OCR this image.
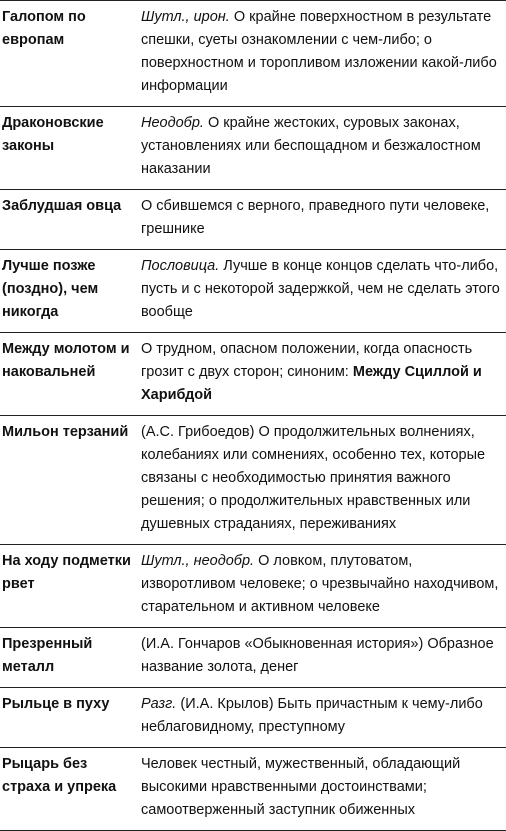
Галопом по европам	Шутл., ирон. О крайне поверхностном в результате спешки, суеты ознакомлении с чем-либо; о поверхностном и торопливом изложении какой-либо информации
Драконовские законы	Неодобр. О крайне жестоких, суровых законах, установлениях или беспощадном и безжалостном наказании
Заблудшая овца	О сбившемся с верного, праведного пути человеке, грешнике
Лучше позже (поздно), чем никогда	Пословица. Лучше в конце концов сделать что-либо, пусть и с некоторой задержкой, чем не сделать этого вообще
Между молотом и наковальней	О трудном, опасном положении, когда опасность грозит с двух сторон; синоним: Между Сциллой и Харибдой
Мильон терзаний	(А.С. Грибоедов) О продолжительных волнениях, колебаниях или сомнениях, особенно тех, которые связаны с необходимостью принятия важного решения; о продолжительных нравственных или душевных страданиях, переживаниях
На ходу подметки рвет	Шутл., неодобр. О ловком, плутоватом, изворотливом человеке; о чрезвычайно находчивом, старательном и активном человеке
Презренный металл	(И.А. Гончаров «Обыкновенная история») Образное название золота, денег
Рыльце в пуху	Разг. (И.А. Крылов) Быть причастным к чему-либо неблаговидному, преступному
Рыцарь без страха и упрека	Человек честный, мужественный, обладающий высокими нравственными достоинствами; самоотверженный заступник обиженных
